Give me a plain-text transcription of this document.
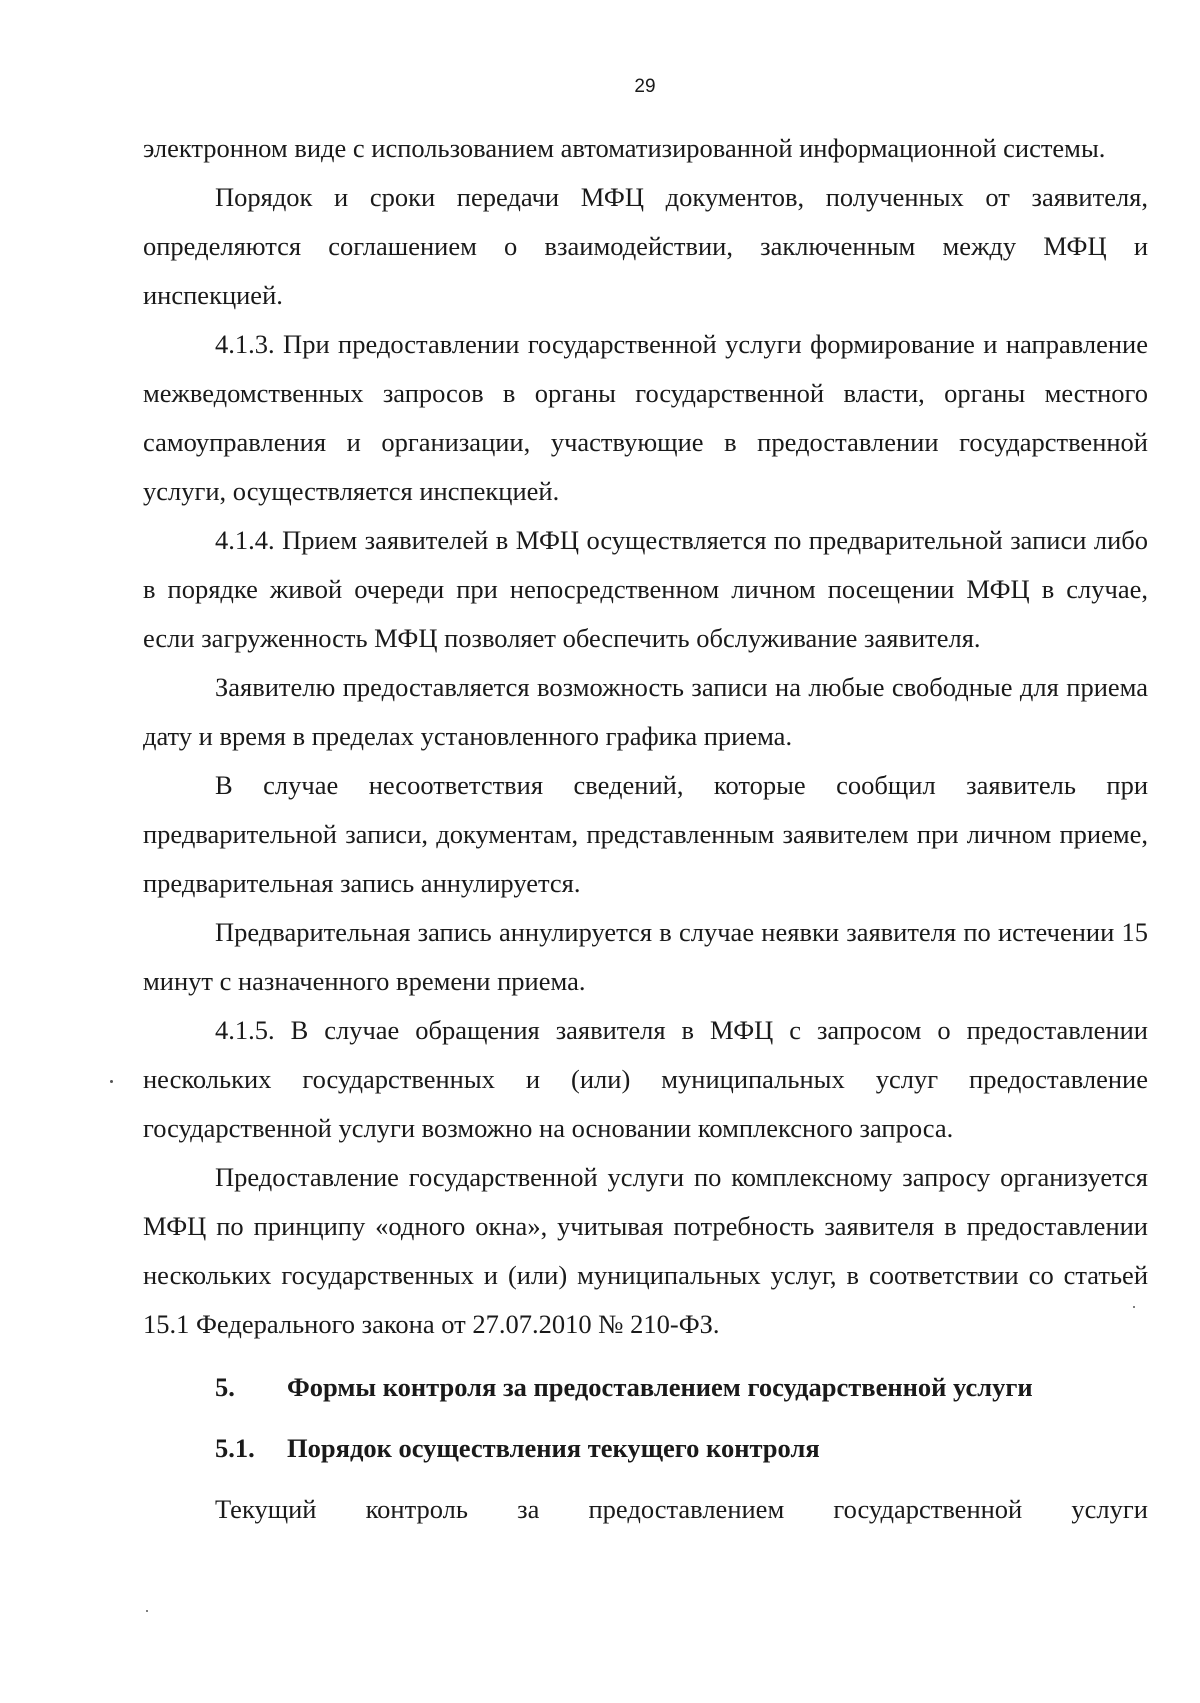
29

электронном виде с использованием автоматизированной информационной системы.

Порядок и сроки передачи МФЦ документов, полученных от заявителя, определяются соглашением о взаимодействии, заключенным между МФЦ и инспекцией.

4.1.3. При предоставлении государственной услуги формирование и направление межведомственных запросов в органы государственной власти, органы местного самоуправления и организации, участвующие в предоставлении государственной услуги, осуществляется инспекцией.

4.1.4. Прием заявителей в МФЦ осуществляется по предварительной записи либо в порядке живой очереди при непосредственном личном посещении МФЦ в случае, если загруженность МФЦ позволяет обеспечить обслуживание заявителя.

Заявителю предоставляется возможность записи на любые свободные для приема дату и время в пределах установленного графика приема.

В случае несоответствия сведений, которые сообщил заявитель при предварительной записи, документам, представленным заявителем при личном приеме, предварительная запись аннулируется.

Предварительная запись аннулируется в случае неявки заявителя по истечении 15 минут с назначенного времени приема.

4.1.5. В случае обращения заявителя в МФЦ с запросом о предоставлении нескольких государственных и (или) муниципальных услуг предоставление государственной услуги возможно на основании комплексного запроса.

Предоставление государственной услуги по комплексному запросу организуется МФЦ по принципу «одного окна», учитывая потребность заявителя в предоставлении нескольких государственных и (или) муниципальных услуг, в соответствии со статьей 15.1 Федерального закона от 27.07.2010 № 210-ФЗ.

5.	Формы контроля за предоставлением государственной услуги
5.1.	Порядок осуществления текущего контроля
Текущий контроль за предоставлением государственной услуги
